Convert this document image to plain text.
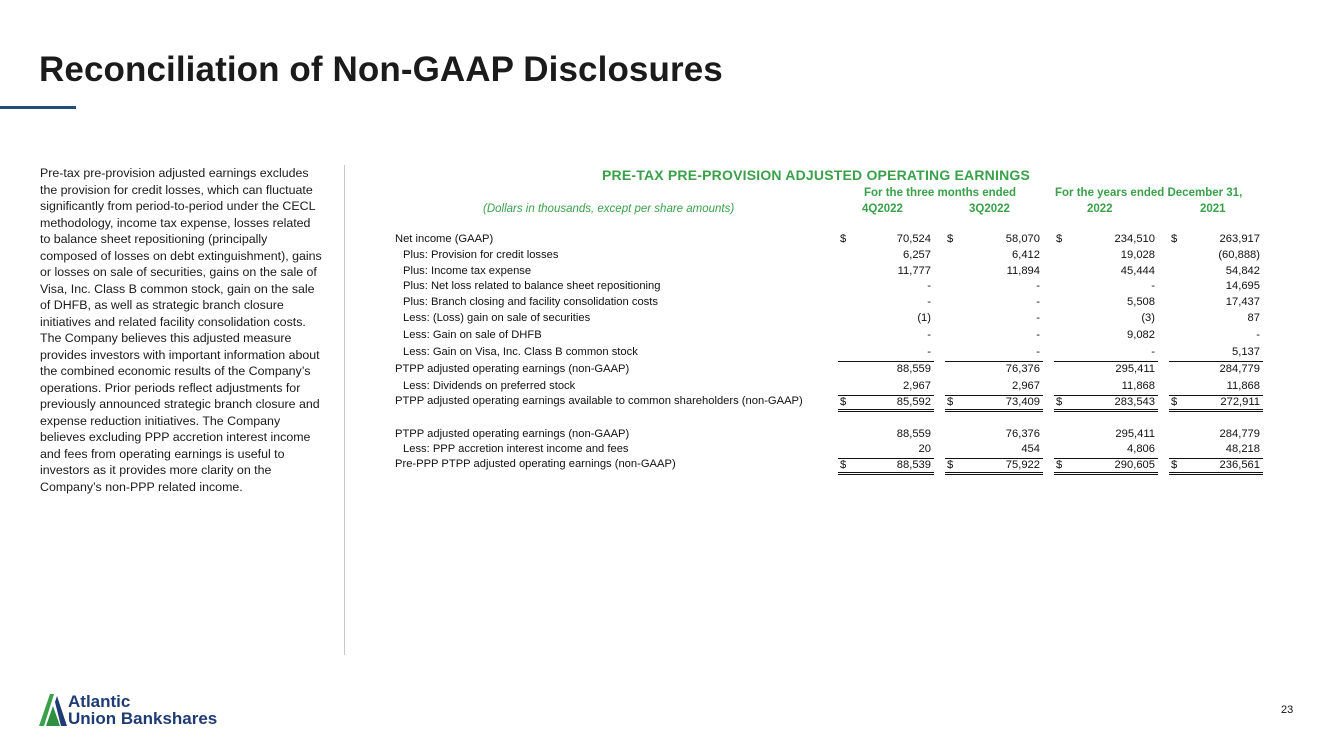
Reconciliation of Non-GAAP Disclosures
Pre-tax pre-provision adjusted earnings excludes the provision for credit losses, which can fluctuate significantly from period-to-period under the CECL methodology, income tax expense, losses related to balance sheet repositioning (principally composed of losses on debt extinguishment), gains or losses on sale of securities, gains on the sale of Visa, Inc. Class B common stock, gain on the sale of DHFB, as well as strategic branch closure initiatives and related facility consolidation costs. The Company believes this adjusted measure provides investors with important information about the combined economic results of the Company’s operations. Prior periods reflect adjustments for previously announced strategic branch closure and expense reduction initiatives. The Company believes excluding PPP accretion interest income and fees from operating earnings is useful to investors as it provides more clarity on the Company’s non-PPP related income.
PRE-TAX PRE-PROVISION ADJUSTED OPERATING EARNINGS
For the three months ended	For the years ended December 31,
(Dollars in thousands, except per share amounts)	4Q2022	3Q2022	2022	2021
Net income (GAAP)	$	70,524 $	58,070 $	234,510 $	263,917
Plus: Provision for credit losses	6,257	6,412	19,028	(60,888)
Plus: Income tax expense	11,777	11,894	45,444	54,842
Plus: Net loss related to balance sheet repositioning	-	-	-	14,695
Plus: Branch closing and facility consolidation costs	-	-	5,508	17,437
Less: (Loss) gain on sale of securities	(1)	-	(3)	87
Less: Gain on sale of DHFB	-	-	9,082	-
Less: Gain on Visa, Inc. Class B common stock	-	-	-	5,137
PTPP adjusted operating earnings (non-GAAP)	88,559	76,376	295,411	284,779
Less: Dividends on preferred stock	2,967	2,967	11,868	11,868
PTPP adjusted operating earnings available to common shareholders (non-GAAP)	$	85,592 $	73,409 $	283,543 $	272,911
PTPP adjusted operating earnings (non-GAAP)	88,559	76,376	295,411	284,779
Less: PPP accretion interest income and fees	20	454	4,806	48,218
Pre-PPP PTPP adjusted operating earnings (non-GAAP)	$	88,539 $	75,922 $	290,605 $	236,561
Atlantic
Union Bankshares	23
